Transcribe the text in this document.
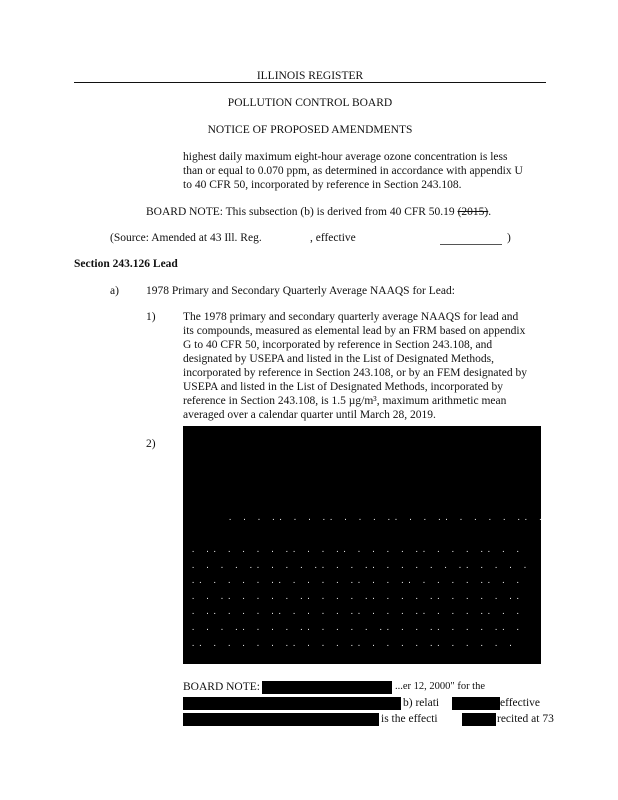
ILLINOIS REGISTER
POLLUTION CONTROL BOARD
NOTICE OF PROPOSED AMENDMENTS
highest daily maximum eight-hour average ozone concentration is less
than or equal to 0.070 ppm, as determined in accordance with appendix U
to 40 CFR 50, incorporated by reference in Section 243.108.
BOARD NOTE: This subsection (b) is derived from 40 CFR 50.19 (2015).
(Source: Amended at 43 Ill. Reg.	, effective	)
Section 243.126 Lead
a) 1978 Primary and Secondary Quarterly Average NAAQS for Lead:
1) The 1978 primary and secondary quarterly average NAAQS for lead and
its compounds, measured as elemental lead by an FRM based on appendix
G to 40 CFR 50, incorporated by reference in Section 243.108, and
designated by USEPA and listed in the List of Designated Methods,
incorporated by reference in Section 243.108, or by an FEM designated by
USEPA and listed in the List of Designated Methods, incorporated by
reference in Section 243.108, is 1.5 µg/m³, maximum arithmetic mean
averaged over a calendar quarter until March 28, 2019.
2)
· · · ·· · · ·· · · · ·· · · ·· · · · · ·· · ·
· ·· · · · · ·· · · ·· · · · · ·· · · · ·· · ·
· · · · ·· · · · ·· · · ·· · · · · · ·· · · · ·
·· · · · · ·· · · · · ·· · · ·· · · · · ·· · ·
· · ·· · · · · ·· · · · ·· · · · ·· · · · · ··
· ·· · · · ·· · · · · ·· · · · ·· · · · ·· · ·
· · · ·· · · · ·· · · · · ·· · · ·· · · · ·· ·
·· · · · · · ·· · · · ·· · · · · ·· · · · · ·
BOARD NOTE:	...er 12, 2000" for the
b) relati	effective
is the effecti	recited at 73
